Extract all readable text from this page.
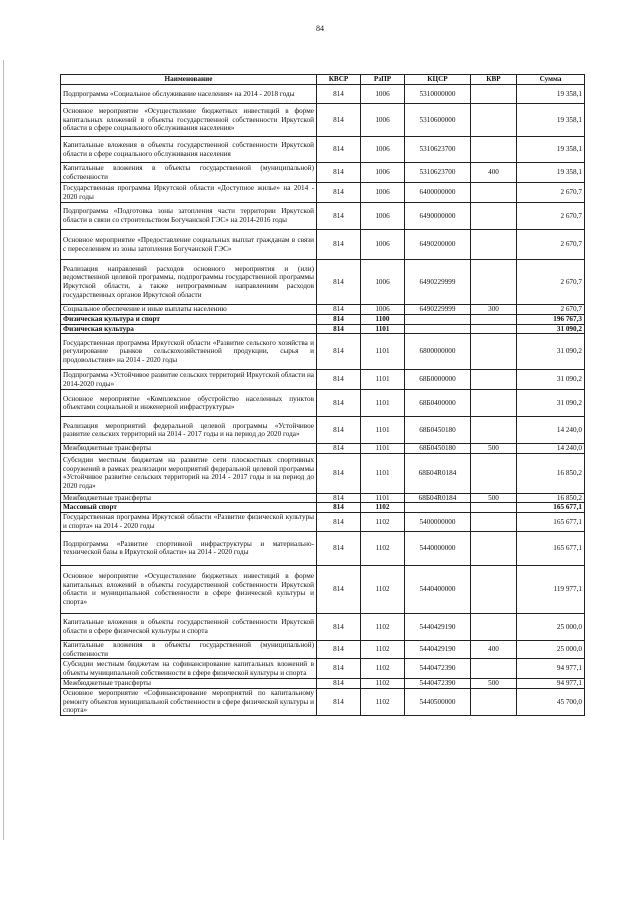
84
Наименование	КВСР	РзПР	КЦСР	КВР	Сумма
Подпрограмма «Социальное обслуживание населения» на 2014 - 2018 годы	814	1006	5310000000		19 358,1
Основное мероприятие «Осуществление бюджетных инвестиций в форме капитальных вложений в объекты государственной собственности Иркутской области в сфере социального обслуживания населения»	814	1006	5310600000		19 358,1
Капитальные вложения в объекты государственной собственности Иркутской области в сфере социального обслуживания населения	814	1006	5310623700		19 358,1
Капитальные вложения в объекты государственной (муниципальной) собственности	814	1006	5310623700	400	19 358,1
Государственная программа Иркутской области «Доступное жилье» на 2014 - 2020 годы	814	1006	6400000000		2 670,7
Подпрограмма «Подготовка зоны затопления части территории Иркутской области в связи со строительством Богучанской ГЭС» на 2014-2016 годы	814	1006	6490000000		2 670,7
Основное мероприятие «Предоставление социальных выплат гражданам в связи с переселением из зоны затопления Богучанской ГЭС»	814	1006	6490200000		2 670,7
Реализация направлений расходов основного мероприятия и (или) ведомственной целевой программы, подпрограммы государственной программы Иркутской области, а также непрограммным направлениям расходов государственных органов Иркутской области	814	1006	6490229999		2 670,7
Социальное обеспечение и иные выплаты населению	814	1006	6490229999	300	2 670,7
Физическая культура и спорт	814	1100			196 767,3
Физическая культура	814	1101			31 090,2
Государственная программа Иркутской области «Развитие сельского хозяйства и регулирование рынков сельскохозяйственной продукции, сырья и продовольствия» на 2014 - 2020 годы	814	1101	6800000000		31 090,2
Подпрограмма «Устойчивое развитие сельских территорий Иркутской области на 2014-2020 годы»	814	1101	68Б0000000		31 090,2
Основное мероприятие «Комплексное обустройство населенных пунктов объектами социальной и инженерной инфраструктуры»	814	1101	68Б0400000		31 090,2
Реализация мероприятий федеральной целевой программы «Устойчивое развитие сельских территорий на 2014 - 2017 годы и на период до 2020 года»	814	1101	68Б0450180		14 240,0
Межбюджетные трансферты	814	1101	68Б0450180	500	14 240,0
Субсидии местным бюджетам на развитие сети плоскостных спортивных сооружений в рамках реализации мероприятий федеральной целевой программы «Устойчивое развитие сельских территорий на 2014 - 2017 годы и на период до 2020 года»	814	1101	68Б04R0184		16 850,2
Межбюджетные трансферты	814	1101	68Б04R0184	500	16 850,2
Массовый спорт	814	1102			165 677,1
Государственная программа Иркутской области «Развитие физической культуры и спорта» на 2014 - 2020 годы	814	1102	5400000000		165 677,1
Подпрограмма «Развитие спортивной инфраструктуры и материально- технической базы в Иркутской области» на 2014 - 2020 годы	814	1102	5440000000		165 677,1
Основное мероприятие «Осуществление бюджетных инвестиций в форме капитальных вложений в объекты государственной собственности Иркутской области и муниципальной собственности в сфере физической культуры и спорта»	814	1102	5440400000		119 977,1
Капитальные вложения в объекты государственной собственности Иркутской области в сфере физической культуры и спорта	814	1102	5440429190		25 000,0
Капитальные вложения в объекты государственной (муниципальной) собственности	814	1102	5440429190	400	25 000,0
Субсидии местным бюджетам на софинансирование капитальных вложений в объекты муниципальной собственности в сфере физической культуры и спорта	814	1102	5440472390		94 977,1
Межбюджетные трансферты	814	1102	5440472390	500	94 977,1
Основное мероприятие «Софинансирование мероприятий по капитальному ремонту объектов муниципальной собственности в сфере физической культуры и спорта»	814	1102	5440500000		45 700,0
